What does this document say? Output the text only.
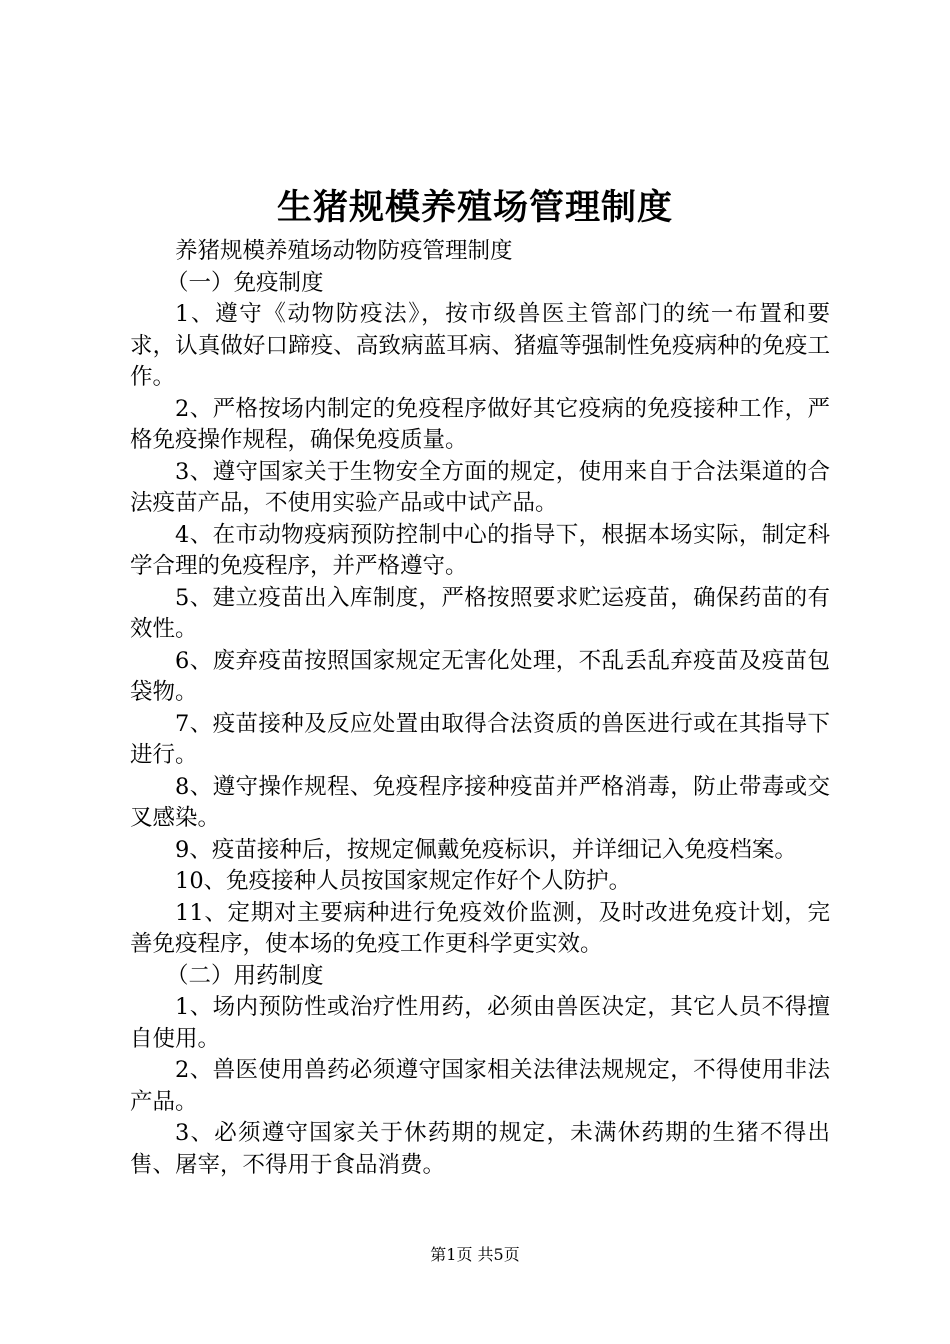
生猪规模养殖场管理制度

养猪规模养殖场动物防疫管理制度

（一）免疫制度

1、遵守《动物防疫法》，按市级兽医主管部门的统一布置和要求，认真做好口蹄疫、高致病蓝耳病、猪瘟等强制性免疫病种的免疫工作。

2、严格按场内制定的免疫程序做好其它疫病的免疫接种工作，严格免疫操作规程，确保免疫质量。

3、遵守国家关于生物安全方面的规定，使用来自于合法渠道的合法疫苗产品，不使用实验产品或中试产品。

4、在市动物疫病预防控制中心的指导下，根据本场实际，制定科学合理的免疫程序，并严格遵守。

5、建立疫苗出入库制度，严格按照要求贮运疫苗，确保药苗的有效性。

6、废弃疫苗按照国家规定无害化处理，不乱丢乱弃疫苗及疫苗包袋物。

7、疫苗接种及反应处置由取得合法资质的兽医进行或在其指导下进行。

8、遵守操作规程、免疫程序接种疫苗并严格消毒，防止带毒或交叉感染。

9、疫苗接种后，按规定佩戴免疫标识，并详细记入免疫档案。

10、免疫接种人员按国家规定作好个人防护。

11、定期对主要病种进行免疫效价监测，及时改进免疫计划，完善免疫程序，使本场的免疫工作更科学更实效。

（二）用药制度

1、场内预防性或治疗性用药，必须由兽医决定，其它人员不得擅自使用。

2、兽医使用兽药必须遵守国家相关法律法规规定，不得使用非法产品。

3、必须遵守国家关于休药期的规定，未满休药期的生猪不得出售、屠宰，不得用于食品消费。

第1页 共5页
